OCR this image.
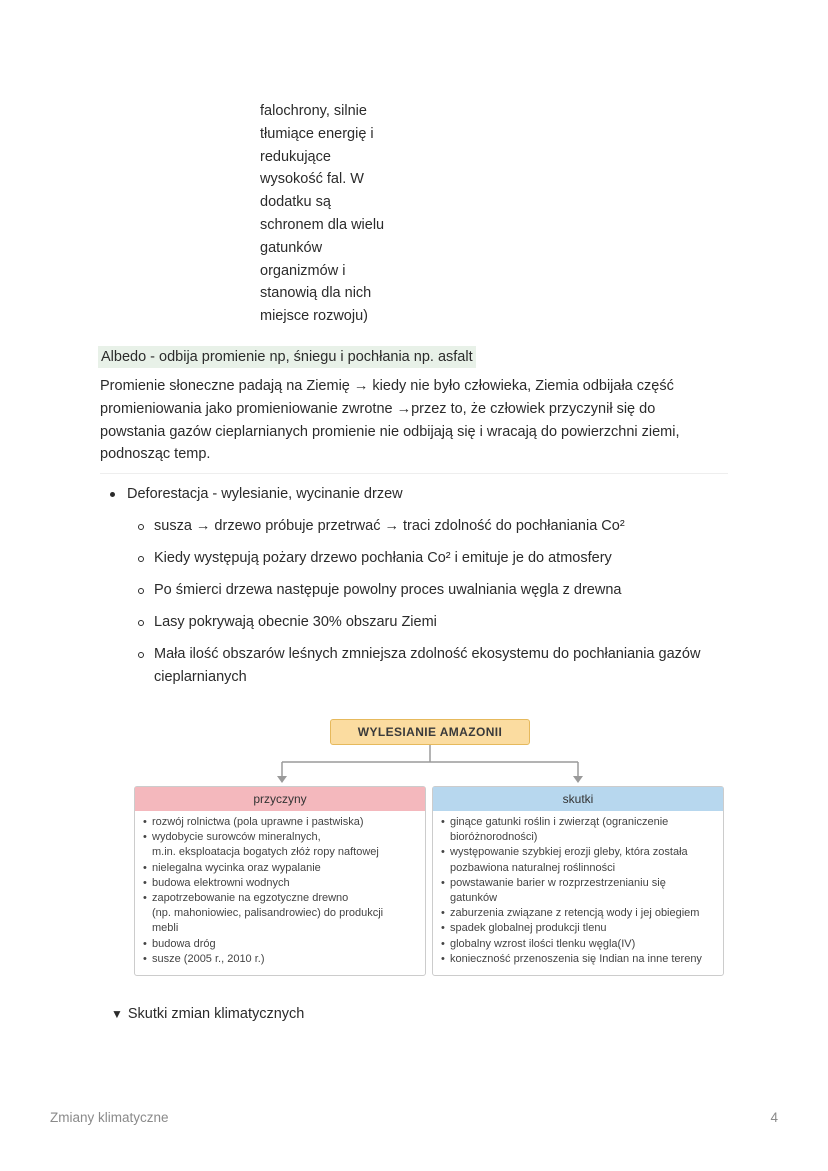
falochrony, silnie
tłumiące energię i
redukujące
wysokość fal. W
dodatku są
schronem dla wielu
gatunków
organizmów i
stanowią dla nich
miejsce rozwoju)
Albedo - odbija promienie np, śniegu i pochłania np. asfalt
Promienie słoneczne padają na Ziemię → kiedy nie było człowieka, Ziemia odbijała część
promieniowania jako promieniowanie zwrotne →przez to, że człowiek przyczynił się do
powstania gazów cieplarnianych promienie nie odbijają się i wracają do powierzchni ziemi,
podnosząc temp.
Deforestacja - wylesianie, wycinanie drzew
susza → drzewo próbuje przetrwać → traci zdolność do pochłaniania Co²
Kiedy występują pożary drzewo pochłania Co² i emituje je do atmosfery
Po śmierci drzewa następuje powolny proces uwalniania węgla z drewna
Lasy pokrywają obecnie 30% obszaru Ziemi
Mała ilość obszarów leśnych zmniejsza zdolność ekosystemu do pochłaniania gazów cieplarnianych
WYLESIANIE AMAZONII
przyczyny
• rozwój rolnictwa (pola uprawne i pastwiska)
• wydobycie surowców mineralnych,
m.in. eksploatacja bogatych złóż ropy naftowej
• nielegalna wycinka oraz wypalanie
• budowa elektrowni wodnych
• zapotrzebowanie na egzotyczne drewno
(np. mahoniowiec, palisandrowiec) do produkcji
mebli
• budowa dróg
• susze (2005 r., 2010 r.)
skutki
• ginące gatunki roślin i zwierząt (ograniczenie
bioróżnorodności)
• występowanie szybkiej erozji gleby, która została
pozbawiona naturalnej roślinności
• powstawanie barier w rozprzestrzenianiu się
gatunków
• zaburzenia związane z retencją wody i jej obiegiem
• spadek globalnej produkcji tlenu
• globalny wzrost ilości tlenku węgla(IV)
• konieczność przenoszenia się Indian na inne tereny
▼ Skutki zmian klimatycznych
Zmiany klimatyczne	4
